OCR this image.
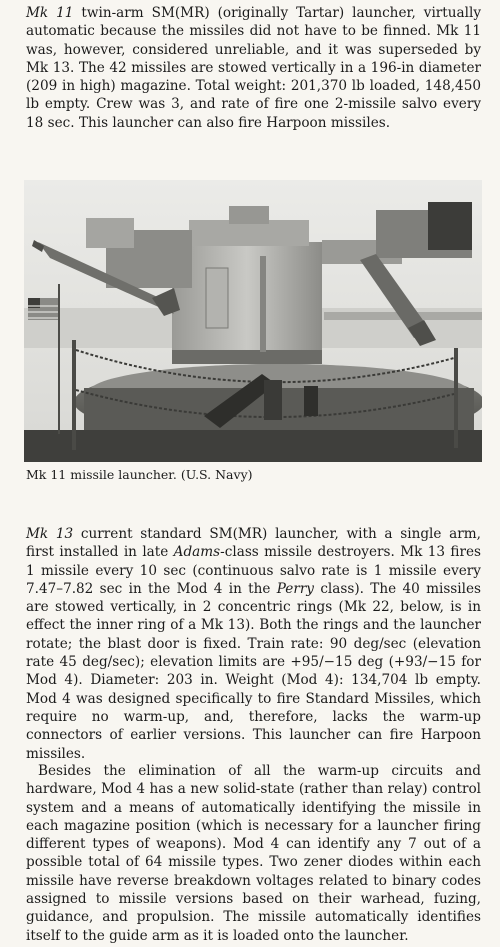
Mk 11 twin-arm SM(MR) (originally Tartar) launcher, virtually automatic because the missiles did not have to be finned. Mk 11 was, however, considered unreliable, and it was superseded by Mk 13. The 42 missiles are stowed vertically in a 196-in diameter (209 in high) magazine. Total weight: 201,370 lb loaded, 148,450 lb empty. Crew was 3, and rate of fire one 2-missile salvo every 18 sec. This launcher can also fire Harpoon missiles.

Mk 11 missile launcher. (U.S. Navy)

Mk 13 current standard SM(MR) launcher, with a single arm, first installed in late Adams-class missile destroyers. Mk 13 fires 1 missile every 10 sec (continuous salvo rate is 1 missile every 7.47–7.82 sec in the Mod 4 in the Perry class). The 40 missiles are stowed vertically, in 2 concentric rings (Mk 22, below, is in effect the inner ring of a Mk 13). Both the rings and the launcher rotate; the blast door is fixed. Train rate: 90 deg/sec (elevation rate 45 deg/sec); elevation limits are +95/−15 deg (+93/−15 for Mod 4). Diameter: 203 in. Weight (Mod 4): 134,704 lb empty. Mod 4 was designed specifically to fire Standard Missiles, which require no warm-up, and, therefore, lacks the warm-up connectors of earlier versions. This launcher can fire Harpoon missiles.

Besides the elimination of all the warm-up circuits and hardware, Mod 4 has a new solid-state (rather than relay) control system and a means of automatically identifying the missile in each magazine position (which is necessary for a launcher firing different types of weapons). Mod 4 can identify any 7 out of a possible total of 64 missile types. Two zener diodes within each missile have reverse breakdown voltages related to binary codes assigned to missile versions based on their warhead, fuzing, guidance, and propulsion. The missile automatically identifies itself to the guide arm as it is loaded onto the launcher.
